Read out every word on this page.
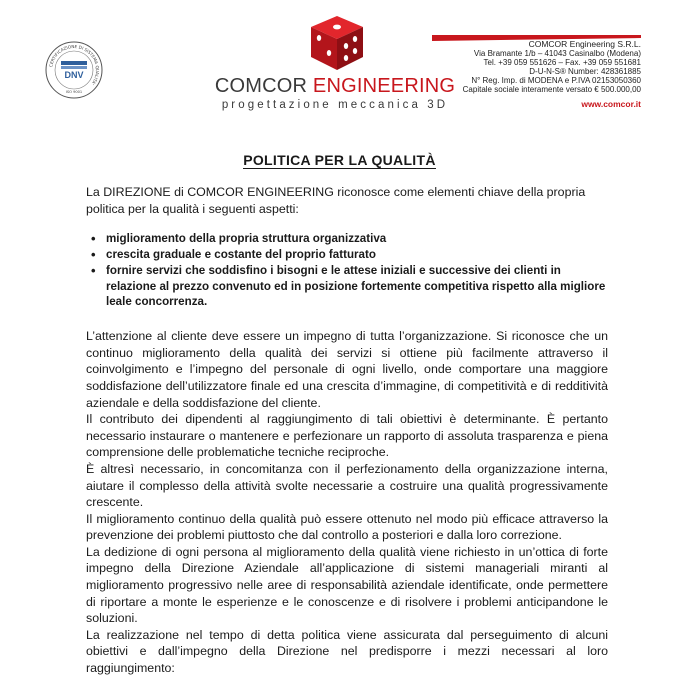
CERTIFICAZIONE DI SISTEMA QUALITA'
DNV
ISO 9001	COMCOR ENGINEERING
progettazione meccanica 3D
COMCOR Engineering S.R.L.
Via Bramante 1/b – 41043 Casinalbo (Modena)
Tel. +39 059 551626 – Fax. +39 059 551681
D-U-N-S® Number: 428361885
N° Reg. Imp. di MODENA e P.IVA 02153050360
Capitale sociale interamente versato € 500.000,00
www.comcor.it
POLITICA PER LA QUALITÀ

La DIREZIONE di COMCOR ENGINEERING riconosce come elementi chiave della propria politica per la qualità i seguenti aspetti:

• miglioramento della propria struttura organizzativa
• crescita graduale e costante del proprio fatturato
• fornire servizi che soddisfino i bisogni e le attese iniziali e successive dei clienti in relazione al prezzo convenuto ed in posizione fortemente competitiva rispetto alla migliore leale concorrenza.

L’attenzione al cliente deve essere un impegno di tutta l’organizzazione. Si riconosce che un continuo miglioramento della qualità dei servizi si ottiene più facilmente attraverso il coinvolgimento e l’impegno del personale di ogni livello, onde comportare una maggiore soddisfazione dell’utilizzatore finale ed una crescita d’immagine, di competitività e di redditività aziendale e della soddisfazione del cliente.

Il contributo dei dipendenti al raggiungimento di tali obiettivi è determinante. È pertanto necessario instaurare o mantenere e perfezionare un rapporto di assoluta trasparenza e piena comprensione delle problematiche tecniche reciproche.

È altresì necessario, in concomitanza con il perfezionamento della organizzazione interna, aiutare il complesso della attività svolte necessarie a costruire una qualità progressivamente crescente.

Il miglioramento continuo della qualità può essere ottenuto nel modo più efficace attraverso la prevenzione dei problemi piuttosto che dal controllo a posteriori e dalla loro correzione.

La dedizione di ogni persona al miglioramento della qualità viene richiesto in un’ottica di forte impegno della Direzione Aziendale all’applicazione di sistemi manageriali miranti al miglioramento progressivo nelle aree di responsabilità aziendale identificate, onde permettere di riportare a monte le esperienze e le conoscenze e di risolvere i problemi anticipandone le soluzioni.

La realizzazione nel tempo di detta politica viene assicurata dal perseguimento di alcuni obiettivi e dall’impegno della Direzione nel predisporre i mezzi necessari al loro raggiungimento:
